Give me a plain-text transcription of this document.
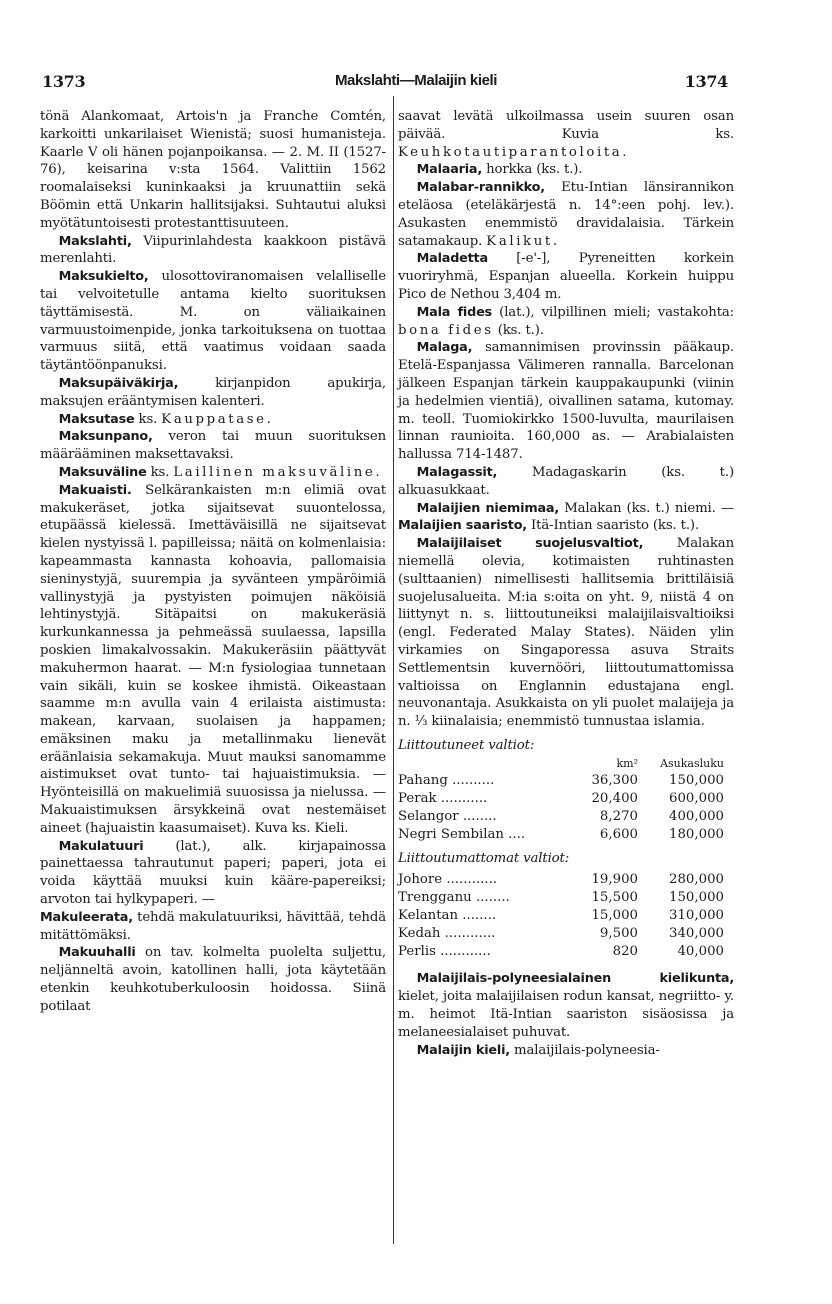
1373	Makslahti—Malaijin kieli	1374

tönä Alankomaat, Artois'n ja Franche Comtén, karkoitti unkarilaiset Wienistä; suosi humanisteja. Kaarle V oli hänen pojanpoikansa. — 2. M. II (1527-76), keisarina v:sta 1564. Valittiin 1562 roomalaiseksi kuninkaaksi ja kruunattiin sekä Böömin että Unkarin hallitsijaksi. Suhtautui aluksi myötätuntoisesti protestanttisuuteen.

Makslahti, Viipurinlahdesta kaakkoon pistävä merenlahti.

Maksukielto, ulosottoviranomaisen velalliselle tai velvoitetulle antama kielto suorituksen täyttämisestä. M. on väliaikainen varmuustoimenpide, jonka tarkoituksena on tuottaa varmuus siitä, että vaatimus voidaan saada täytäntöönpanuksi.

Maksupäiväkirja, kirjanpidon apukirja, maksujen erääntymisen kalenteri.

Maksutase ks. Kauppatase.

Maksunpano, veron tai muun suorituksen määrääminen maksettavaksi.

Maksuväline ks. Laillinen maksuväline.

Makuaisti. Selkärankaisten m:n elimiä ovat makukeräset, jotka sijaitsevat suuontelossa, etupäässä kielessä. Imettäväisillä ne sijaitsevat kielen nystyissä l. papilleissa; näitä on kolmenlaisia: kapeammasta kannasta kohoavia, pallomaisia sieninystyjä, suurempia ja syvänteen ympäröimiä vallinystyjä ja pystyisten poimujen näköisiä lehtinystyjä. Sitäpaitsi on makukeräsiä kurkunkannessa ja pehmeässä suulaessa, lapsilla poskien limakalvossakin. Makukeräsiin päättyvät makuhermon haarat. — M:n fysiologiaa tunnetaan vain sikäli, kuin se koskee ihmistä. Oikeastaan saamme m:n avulla vain 4 erilaista aistimusta: makean, karvaan, suolaisen ja happamen; emäksinen maku ja metallinmaku lienevät eräänlaisia sekamakuja. Muut mauksi sanomamme aistimukset ovat tunto- tai hajuaistimuksia. — Hyönteisillä on makuelimiä suuosissa ja nielussa. — Makuaistimuksen ärsykkeinä ovat nestemäiset aineet (hajuaistin kaasumaiset). Kuva ks. Kieli.

Makulatuuri (lat.), alk. kirjapainossa painettaessa tahrautunut paperi; paperi, jota ei voida käyttää muuksi kuin kääre-papereiksi; arvoton tai hylkypaperi. —

Makuleerata, tehdä makulatuuriksi, hävittää, tehdä mitättömäksi.

Makuuhalli on tav. kolmelta puolelta suljettu, neljänneltä avoin, katollinen halli, jota käytetään etenkin keuhkotuberkuloosin hoidossa. Siinä potilaat

saavat levätä ulkoilmassa usein suuren osan päivää. Kuvia ks. Keuhkotautiparantoloita.

Malaaria, horkka (ks. t.).

Malabar-rannikko, Etu-Intian länsirannikon eteläosa (eteläkärjestä n. 14°:een pohj. lev.). Asukasten enemmistö dravidalaisia. Tärkein satamakaup. Kalikut.

Maladetta [-e'-], Pyreneitten korkein vuoriryhmä, Espanjan alueella. Korkein huippu Pico de Nethou 3,404 m.

Mala fides (lat.), vilpillinen mieli; vastakohta: bona fides (ks. t.).

Malaga, samannimisen provinssin pääkaup. Etelä-Espanjassa Välimeren rannalla. Barcelonan jälkeen Espanjan tärkein kauppakaupunki (viinin ja hedelmien vientiä), oivallinen satama, kutomay. m. teoll. Tuomiokirkko 1500-luvulta, maurilaisen linnan raunioita. 160,000 as. — Arabialaisten hallussa 714-1487.

Malagassit, Madagaskarin (ks. t.) alkuasukkaat.

Malaijien niemimaa, Malakan (ks. t.) niemi. — Malaijien saaristo, Itä-Intian saaristo (ks. t.).

Malaijilaiset suojelusvaltiot, Malakan niemellä olevia, kotimaisten ruhtinasten (sulttaanien) nimellisesti hallitsemia brittiläisiä suojelusalueita. M:ia s:oita on yht. 9, niistä 4 on liittynyt n. s. liittoutuneiksi malaijilaisvaltioiksi (engl. Federated Malay States). Näiden ylin virkamies on Singaporessa asuva Straits Settlementsin kuvernööri, liittoutumattomissa valtioissa on Englannin edustajana engl. neuvonantaja. Asukkaista on yli puolet malaijeja ja n. ⅓ kiinalaisia; enemmistö tunnustaa islamia.

Liittoutuneet valtiot:

	km²	Asukasluku
Pahang ..........	36,300	150,000
Perak ...........	20,400	600,000
Selangor ........	8,270	400,000
Negri Sembilan ....	6,600	180,000

Liittoutumattomat valtiot:

Johore ............	19,900	280,000
Trengganu ........	15,500	150,000
Kelantan ........	15,000	310,000
Kedah ............	9,500	340,000
Perlis ............	820	40,000

Malaijilais-polyneesialainen kielikunta, kielet, joita malaijilaisen rodun kansat, negriitto- y. m. heimot Itä-Intian saariston sisäosissa ja melaneesialaiset puhuvat.

Malaijin kieli, malaijilais-polyneesia-
